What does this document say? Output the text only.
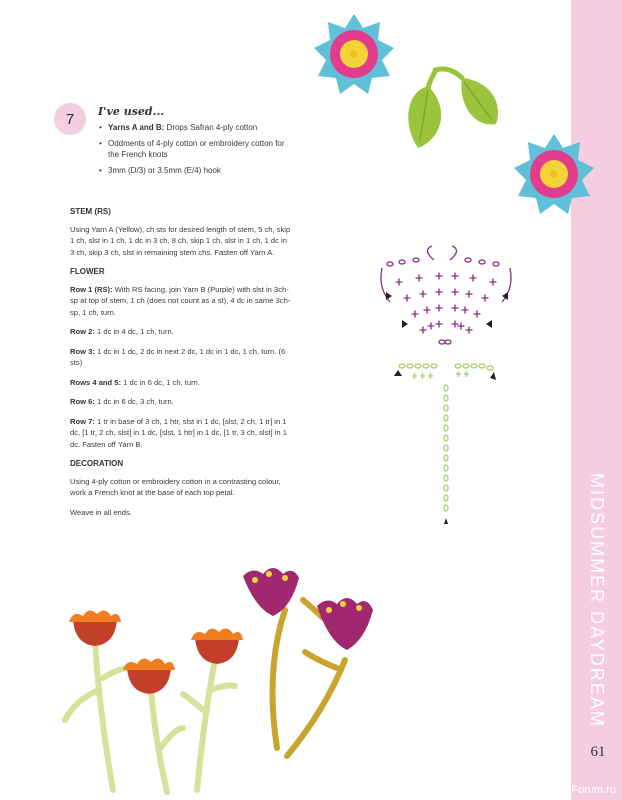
MIDSUMMER DAYDREAM
61
PassionForum.ru
7 I've used...
• Yarns A and B: Drops Safran 4-ply cotton
• Oddments of 4-ply cotton or embroidery cotton for the French knots
• 3mm (D/3) or 3.5mm (E/4) hook
STEM (RS)

Using Yarn A (Yellow), ch sts for desired length of stem, 5 ch, skip 1 ch, slst in 1 ch, 1 dc in 3 ch, 8 ch, skip 1 ch, slst in 1 ch, 1 dc in 3 ch, skip 3 ch, slst in remaining stem chs. Fasten off Yarn A.

FLOWER

Row 1 (RS): With RS facing, join Yarn B (Purple) with slst in 3ch-sp at top of stem, 1 ch (does not count as a st), 4 dc in same 3ch-sp, 1 ch, turn.

Row 2: 1 dc in 4 dc, 1 ch, turn.

Row 3: 1 dc in 1 dc, 2 dc in next 2 dc, 1 dc in 1 dc, 1 ch, turn. (6 sts)

Rows 4 and 5: 1 dc in 6 dc, 1 ch, turn.

Row 6: 1 dc in 6 dc, 3 ch, turn.

Row 7: 1 tr in base of 3 ch, 1 htr, slst in 1 dc, [slst, 2 ch, 1 tr] in 1 dc, [1 tr, 2 ch, slst] in 1 dc, [slst, 1 htr] in 1 dc, [1 tr, 3 ch, slst] in 1 dc. Fasten off Yarn B.

DECORATION

Using 4-ply cotton or embroidery cotton in a contrasting colour, work a French knot at the base of each top petal.

Weave in all ends.
